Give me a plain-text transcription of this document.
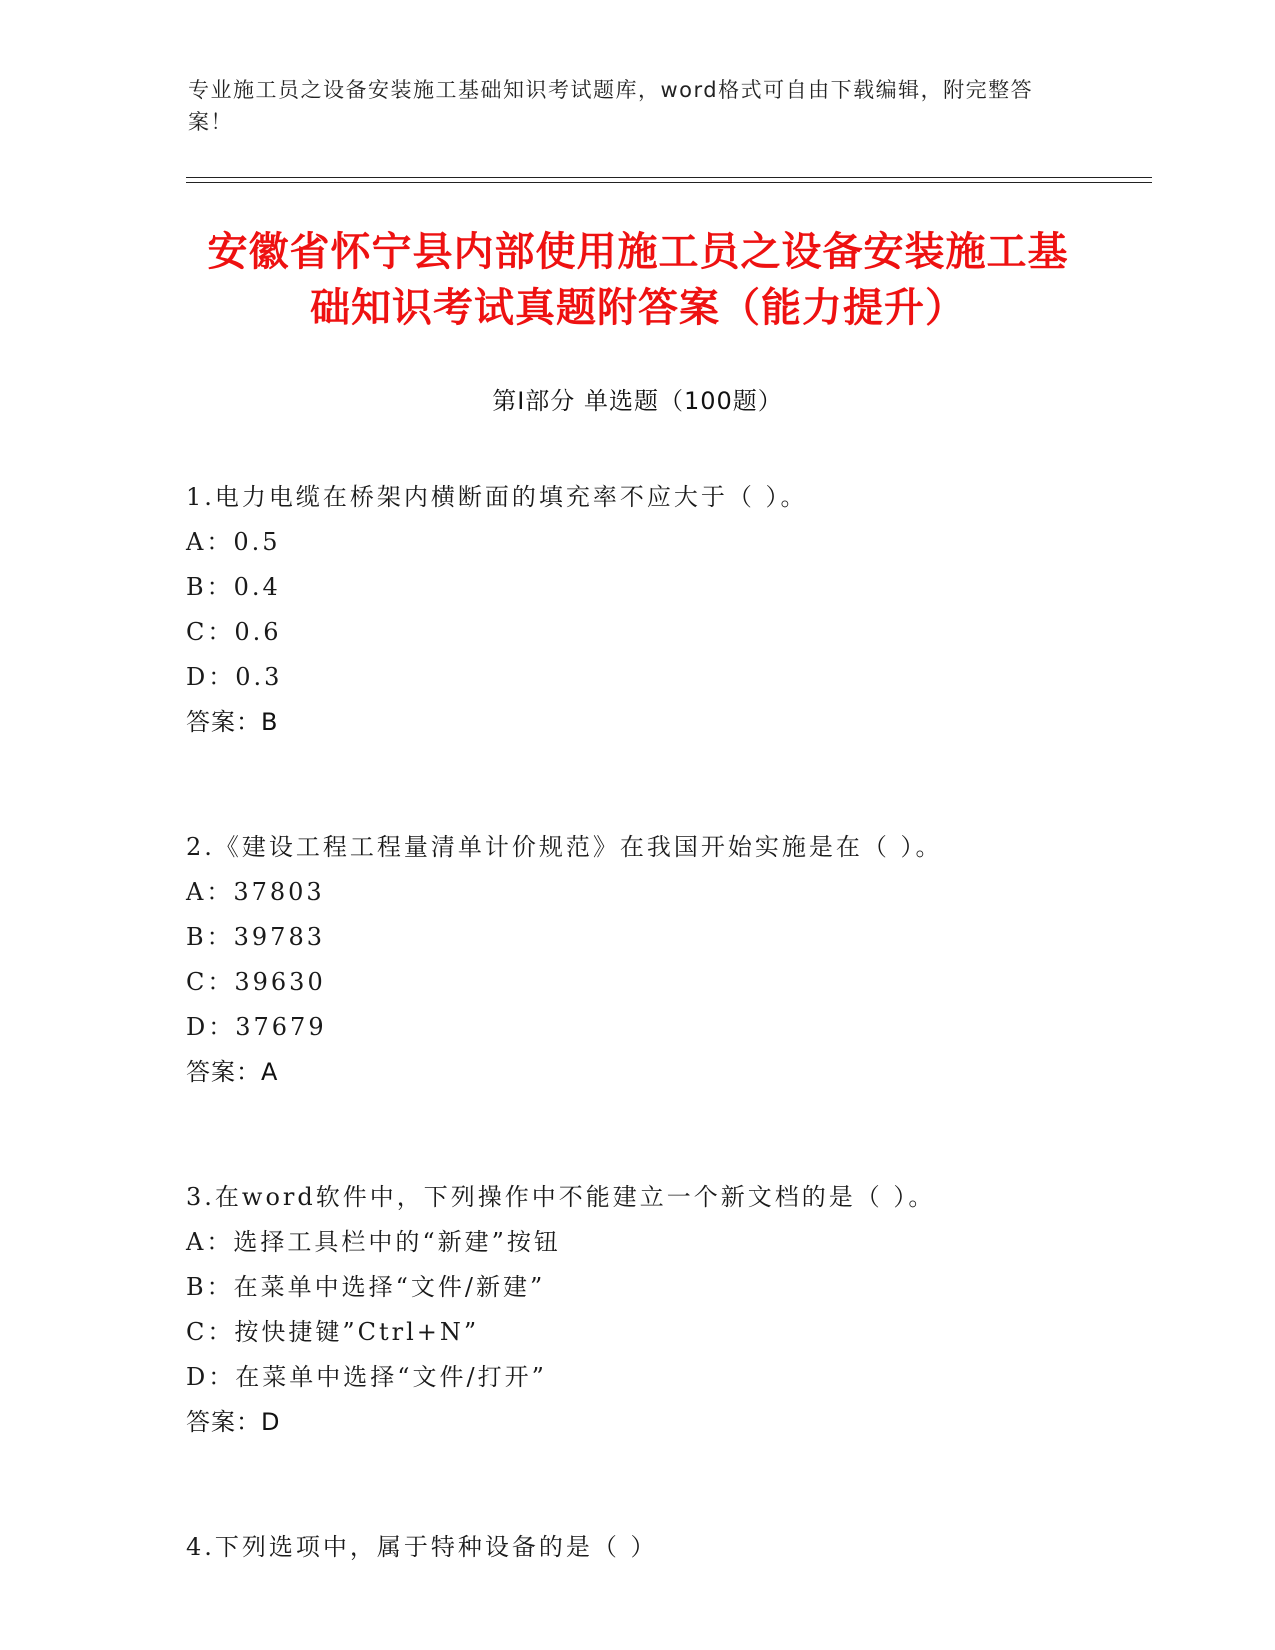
专业施工员之设备安装施工基础知识考试题库，word格式可自由下载编辑，附完整答案！
安徽省怀宁县内部使用施工员之设备安装施工基础知识考试真题附答案（能力提升）
第Ⅰ部分 单选题（100题）
1.电力电缆在桥架内横断面的填充率不应大于（ ）。
A：0.5
B：0.4
C：0.6
D：0.3
答案：B
2.《建设工程工程量清单计价规范》在我国开始实施是在（ ）。
A：37803
B：39783
C：39630
D：37679
答案：A
3.在word软件中，下列操作中不能建立一个新文档的是（ ）。
A：选择工具栏中的“新建”按钮
B：在菜单中选择“文件/新建”
C：按快捷键”Ctrl+N”
D：在菜单中选择“文件/打开”
答案：D
4.下列选项中，属于特种设备的是（ ）
